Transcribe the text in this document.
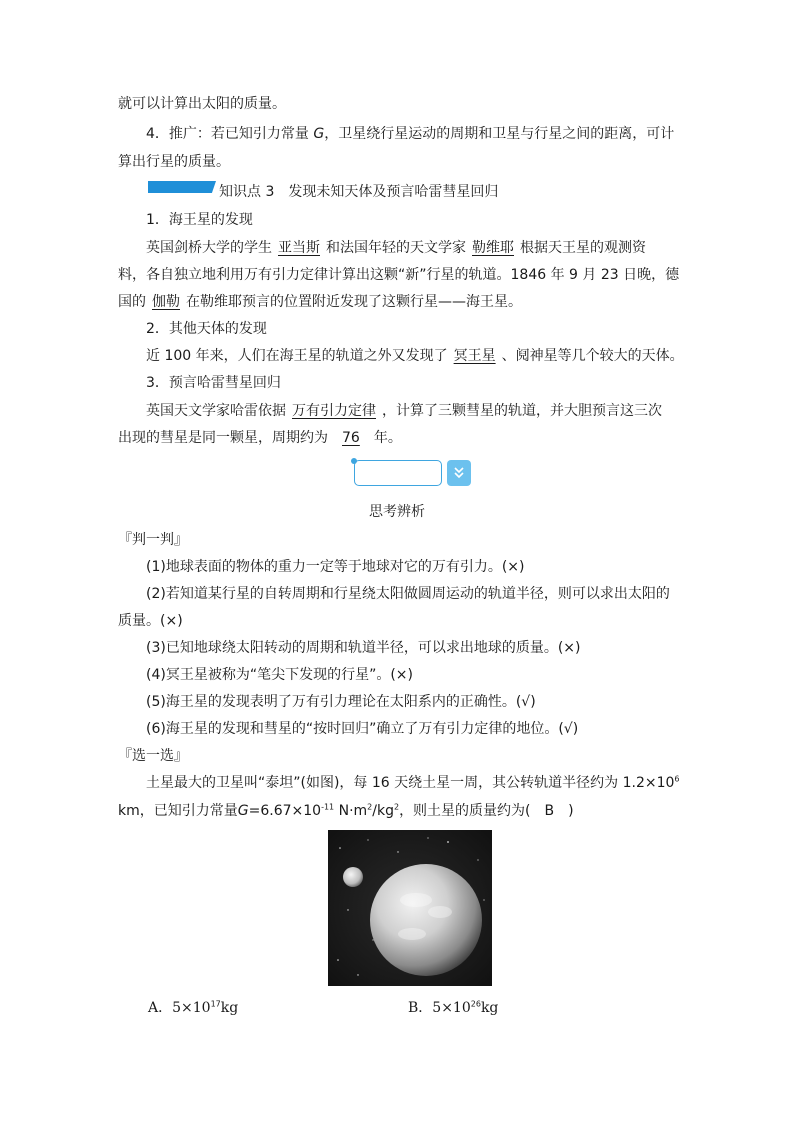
就可以计算出太阳的质量。
4．推广：若已知引力常量 G，卫星绕行星运动的周期和卫星与行星之间的距离，可计
算出行星的质量。
知识点 3　发现未知天体及预言哈雷彗星回归
1．海王星的发现
英国剑桥大学的学生 亚当斯 和法国年轻的天文学家 勒维耶 根据天王星的观测资
料，各自独立地利用万有引力定律计算出这颗“新”行星的轨道。1846 年 9 月 23 日晚，德
国的 伽勒 在勒维耶预言的位置附近发现了这颗行星——海王星。
2．其他天体的发现
近 100 年来，人们在海王星的轨道之外又发现了 冥王星 、阋神星等几个较大的天体。
3．预言哈雷彗星回归
英国天文学家哈雷依据 万有引力定律 ，计算了三颗彗星的轨道，并大胆预言这三次
出现的彗星是同一颗星，周期约为 76 年。
思考辨析
『判一判』
(1)地球表面的物体的重力一定等于地球对它的万有引力。(×)
(2)若知道某行星的自转周期和行星绕太阳做圆周运动的轨道半径，则可以求出太阳的
质量。(×)
(3)已知地球绕太阳转动的周期和轨道半径，可以求出地球的质量。(×)
(4)冥王星被称为“笔尖下发现的行星”。(×)
(5)海王星的发现表明了万有引力理论在太阳系内的正确性。(√)
(6)海王星的发现和彗星的“按时回归”确立了万有引力定律的地位。(√)
『选一选』
土星最大的卫星叫“泰坦”(如图)，每 16 天绕土星一周，其公转轨道半径约为 $1.2\times 10^6$
km，已知引力常量$G=6.67\times 10^{-11}$ $N\cdot m^2/kg^2$，则土星的质量约为(　B　)
A．$5\times 10^{17}kg$	B．$5\times 10^{26}kg$
